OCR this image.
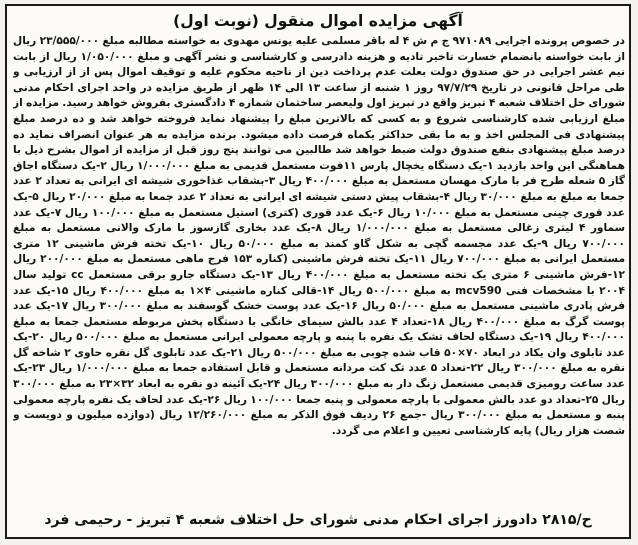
آگهی مزایده اموال منقول (نوبت اول)
در خصوص پرونده اجرایی ۹۷۱۰۸۹ ج م ش ۴ له باقر مسلمی علیه یونس مهدوی به خواسته مطالبه مبلغ ۲۳/۵۵۵/۰۰۰ ریال از بابت خواسته بانضمام خسارت تاخیر تادیه و هزینه دادرسی و کارشناسی و نشر آگهی و مبلغ ۱/۰۵۰/۰۰۰ ریال از بابت نیم عشر اجرایی در حق صندوق دولت بعلت عدم پرداخت دین از ناحیه محکوم علیه و توقیف اموال پس از از ارزیابی و طی مراحل قانونی در تاریخ ۹۷/۷/۲۹ روز ۱ شنبه از ساعت ۱۳ الی ۱۴ ظهر از طریق مزایده در واحد اجرای احکام مدنی شورای حل اختلاف شعبه ۴ تبریز واقع در تبریز اول ولیعصر ساختمان شماره ۴ دادگستری بفروش خواهد رسید. مزایده از مبلغ ارزیابی شده کارشناسی شروع و به کسی که بالاترین مبلغ را پیشنهاد نماید فروخته خواهد شد و ده درصد مبلغ پیشنهادی فی المجلس اخذ و به ما بقی حداکثر یکماه فرصت داده میشود. برنده مزایده به هر عنوان انصراف نماید ده درصد مبلغ پیشنهادی بنفع صندوق دولت ضبط خواهد شد طالبین می توانند پنج روز قبل از مزایده از اموال بشرح ذیل با هماهنگی این واحد بازدید ۱-یک دستگاه یخچال پارس ۱۱فوت مستعمل قدیمی به مبلغ ۱/۰۰۰/۰۰۰ ریال ۲-یک دستگاه اجاق گاز ۵ شعله طرح فر با مارک مهسان مستعمل به مبلغ ۴۰۰/۰۰۰ ریال ۳-بشقاب غذاخوری شیشه ای ایرانی به تعداد ۲ عدد جمعا به مبلغ به مبلغ ۳۰/۰۰۰ ریال ۴-بشقاب پیش دستی شیشه ای ایرانی به تعداد ۲ عدد جمعا به مبلغ ۲۰/۰۰۰ ریال ۵-یک عدد قوری چینی مستعمل به مبلغ ۱۰/۰۰۰ ریال ۶-یک عدد قوری (کتری) استیل مستعمل به مبلغ ۱۰۰/۰۰۰ ریال ۷-یک عدد سماور ۴ لیتری زغالی مستعمل به مبلغ ۱/۰۰۰/۰۰۰ ریال ۸-یک عدد بخاری گازسوز با مارک والانی مستعمل به مبلغ ۷۰۰/۰۰۰ ریال ۹-یک عدد مجسمه گچی به شکل گاو کمند به مبلغ ۵۰/۰۰۰ ریال ۱۰-یک تخته فرش ماشینی ۱۲ متری مستعمل ایرانی به مبلغ ۷۰۰/۰۰۰ ریال ۱۱-یک تخته فرش ماشینی (کناره ۱۵۳ فرج ماهی مستعمل به مبلغ ۲۰۰/۰۰۰ ریال ۱۲-فرش ماشینی ۶ متری یک تخته مستعمل به مبلغ ۴۰۰/۰۰۰ ریال ۱۳-یک دستگاه جارو برقی مستعمل cc تولید سال ۲۰۰۴ با مشخصات فنی mcv590 به مبلغ ۵۰۰/۰۰۰ ریال ۱۴-قالی کناره ماشینی ۴×۱ به مبلغ ۴۰۰/۰۰۰ ریال ۱۵-یک عدد فرش پادری ماشینی مستعمل به مبلغ ۵۰/۰۰۰ ریال ۱۶-یک عدد پوست خشک گوسفند به مبلغ ۳۰۰/۰۰۰ ریال ۱۷-یک عدد پوست گرگ به مبلغ ۴۰۰/۰۰۰ ریال ۱۸-تعداد ۴ عدد بالش سیمای خانگی با دستگاه پخش مربوطه مستعمل جمعا به مبلغ ۴۰۰/۰۰۰ ریال ۱۹-یک دستگاه لحاف تشک یک نفره با پنبه و پارچه معمولی ایرانی مستعمل به مبلغ ۵۰۰/۰۰۰ ریال ۲۰-یک عدد تابلوی وان یکاد در ابعاد ۷۰×۵۰ قاب شده چوبی به مبلغ ۵۰۰/۰۰۰ ریال ۲۱-یک عدد تابلوی گل نقره حاوی ۲ شاخه گل نقره به مبلغ ۳۰۰/۰۰۰ ریال ۲۲-تعداد ۵ عدد تک کت مردانه مستعمل و قابل استفاده جمعا به مبلغ ۱/۰۰۰/۰۰۰ ریال ۲۳-یک عدد ساعت رومیزی قدیمی مستعمل زنگ دار به مبلغ ۳۰۰/۰۰۰ ریال ۲۴-یک آئینه دو نقره به ابعاد ۳۲×۲۳ به مبلغ ۳۰۰/۰۰۰ ریال ۲۵-تعداد دو عدد بالش معمولی با پارچه معمولی و پنبه جمعا ۱۰۰/۰۰۰ ریال ۲۶-یک عدد لحاف یک نفره پارچه معمولی پنبه و مستعمل به مبلغ ۳۰۰/۰۰۰ ریال -جمع ۲۶ ردیف فوق الذکر به مبلغ ۱۲/۲۶۰/۰۰۰ ریال (دوازده میلیون و دویست و شصت هزار ریال) پایه کارشناسی تعیین و اعلام می گردد.
ح/۲۸۱۵ دادورز اجرای احکام مدنی شورای حل اختلاف شعبه ۴ تبریز - رحیمی فرد
